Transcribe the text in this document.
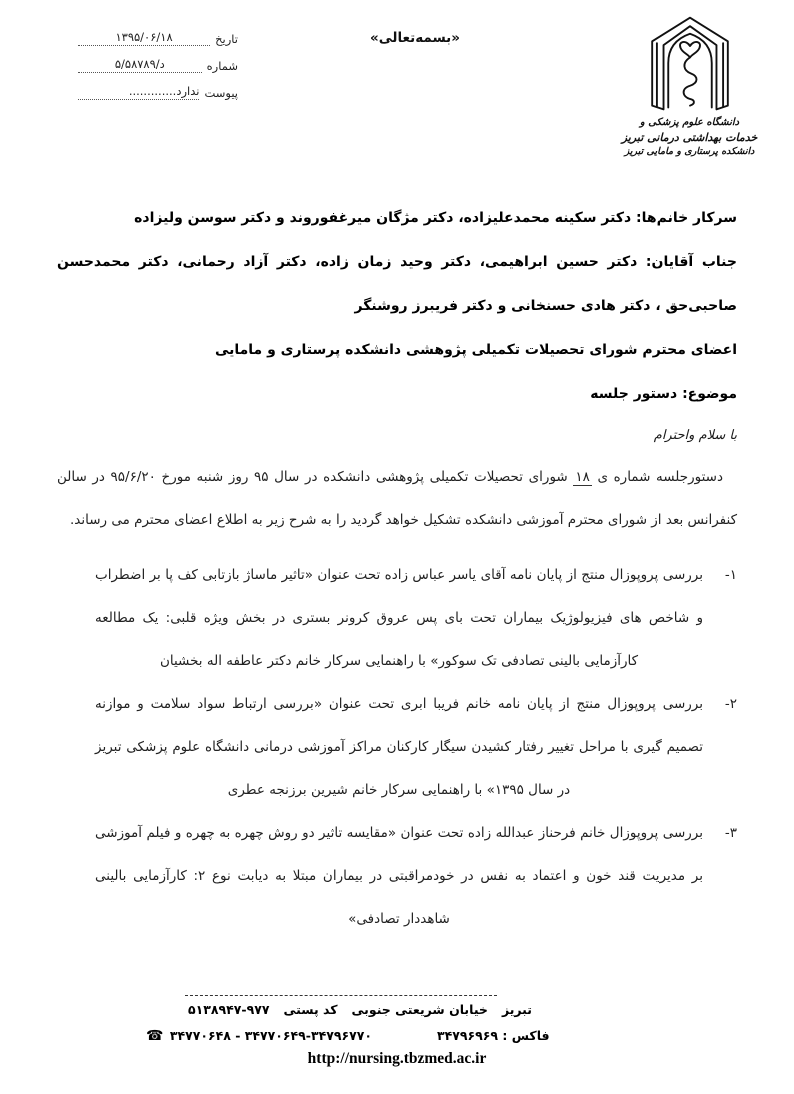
تاریخ
۱۳۹۵/۰۶/۱۸
شماره
۵/د/۵۸۷۸۹
پیوست
ندارد.............
«بسمه‌تعالی»
دانشگاه علوم پزشکی و
خدمات بهداشتی درمانی تبریز
دانشکده پرستاری و مامایی تبریز

سرکار خانم‌ها: دکتر سکینه محمدعلیزاده، دکتر مژگان میرغفوروند و دکتر سوسن ولیزاده

جناب آقایان: دکتر حسین ابراهیمی، دکتر وحید زمان زاده، دکتر آزاد رحمانی، دکتر محمدحسن صاحبی‌حق ، دکتر هادی حسنخانی و دکتر فریبرز روشنگر

اعضای محترم شورای تحصیلات تکمیلی پژوهشی دانشکده پرستاری و مامایی

موضوع: دستور جلسه

با سلام واحترام

دستورجلسه شماره ی ۱۸ شورای تحصیلات تکمیلی پژوهشی دانشکده در سال ۹۵ روز شنبه مورخ ۹۵/۶/۲۰ در سالن کنفرانس بعد از شورای محترم آموزشی دانشکده تشکیل خواهد گردید را به شرح زیر به اطلاع اعضای محترم می رساند.

۱-
بررسی پروپوزال منتج از پایان نامه آقای یاسر عباس زاده تحت عنوان «تاثیر ماساژ بازتابی کف پا بر اضطراب و شاخص های فیزیولوژیک بیماران تحت بای پس عروق کرونر بستری در بخش ویژه قلبی: یک مطالعه کارآزمایی بالینی تصادفی تک سوکور» با راهنمایی سرکار خانم دکتر عاطفه اله بخشیان

۲-
بررسی پروپوزال منتج از پایان نامه خانم فریبا ابری تحت عنوان «بررسی ارتباط سواد سلامت و موازنه تصمیم گیری با مراحل تغییر رفتار کشیدن سیگار کارکنان مراکز آموزشی درمانی دانشگاه علوم پزشکی تبریز در سال ۱۳۹۵» با راهنمایی سرکار خانم شیرین برزنجه عطری

۳-
بررسی پروپوزال خانم فرحناز عبدالله زاده تحت عنوان «مقایسه تاثیر دو روش چهره به چهره و فیلم آموزشی بر مدیریت قند خون و اعتماد به نفس در خودمراقبتی در بیماران مبتلا به دیابت نوع ۲: کارآزمایی بالینی شاهددار تصادفی»

تبریز
خیابان شریعتی جنوبی
کد پستی
۵۱۳۸۹۴۷-۹۷۷
فاکس : ۳۴۷۹۶۹۶۹
☎ ۳۴۷۷۰۶۴۸ - ۳۴۷۷۰۶۴۹-۳۴۷۹۶۷۷۰
http://nursing.tbzmed.ac.ir
